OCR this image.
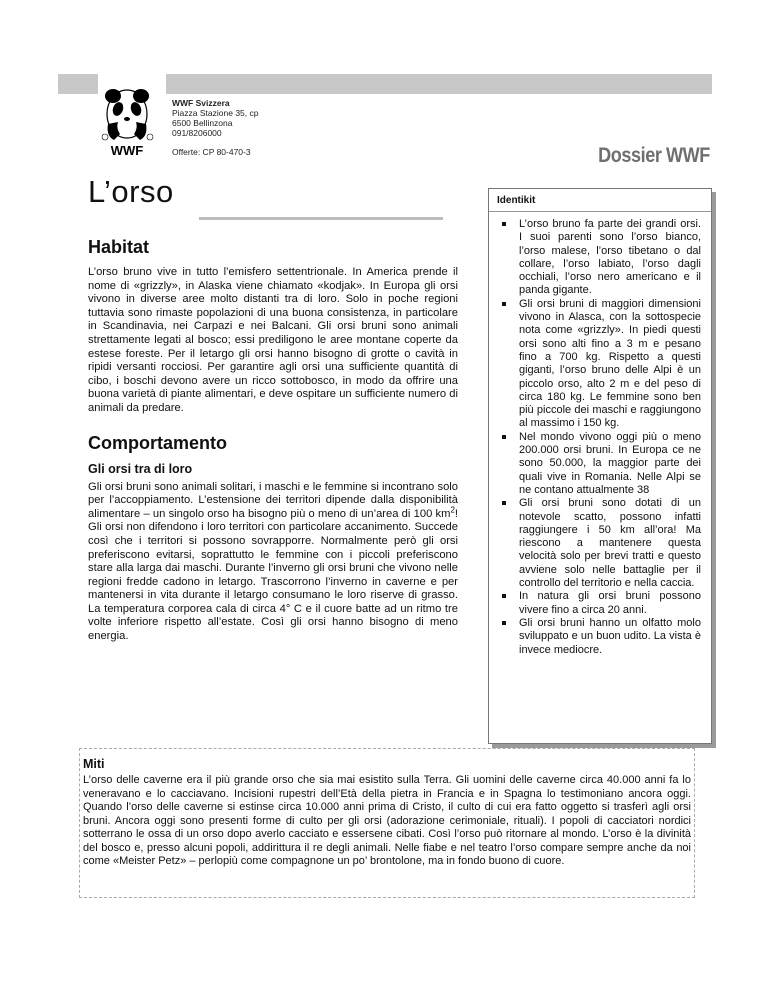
WWF
WWF Svizzera
Piazza Stazione 35, cp
6500 Bellinzona
091/8206000
Offerte: CP 80-470-3	Dossier WWF
L’orso
Habitat

L’orso bruno vive in tutto l’emisfero settentrionale. In America prende il nome di «grizzly», in Alaska viene chiamato «kodjak». In Europa gli orsi vivono in diverse aree molto distanti tra di loro. Solo in poche regioni tuttavia sono rimaste popolazioni di una buona consistenza, in particolare in Scandinavia, nei Carpazi e nei Balcani. Gli orsi bruni sono animali strettamente legati al bosco; essi prediligono le aree montane coperte da estese foreste. Per il letargo gli orsi hanno bisogno di grotte o cavità in ripidi versanti rocciosi. Per garantire agli orsi una sufficiente quantità di cibo, i boschi devono avere un ricco sottobosco, in modo da offrire una buona varietà di piante alimentari, e deve ospitare un sufficiente numero di animali da predare.

Comportamento
Gli orsi tra di loro

Gli orsi bruni sono animali solitari, i maschi e le femmine si incontrano solo per l’accoppiamento. L’estensione dei territori dipende dalla disponibilità alimentare – un singolo orso ha bisogno più o meno di un’area di 100 $km^2$! Gli orsi non difendono i loro territori con particolare accanimento. Succede così che i territori si possono sovrapporre. Normalmente però gli orsi preferiscono evitarsi, soprattutto le femmine con i piccoli preferiscono stare alla larga dai maschi. Durante l’inverno gli orsi bruni che vivono nelle regioni fredde cadono in letargo. Trascorrono l’inverno in caverne e per mantenersi in vita durante il letargo consumano le loro riserve di grasso. La temperatura corporea cala di circa 4° C e il cuore batte ad un ritmo tre volte inferiore rispetto all’estate. Così gli orsi hanno bisogno di meno energia.

Identikit
L’orso bruno fa parte dei grandi orsi. I suoi parenti sono l’orso bianco, l’orso malese, l’orso tibetano o dal collare, l’orso labiato, l’orso dagli occhiali, l’orso nero americano e il panda gigante.
Gli orsi bruni di maggiori dimensioni vivono in Alasca, con la sottospecie nota come «grizzly». In piedi questi orsi sono alti fino a 3 m e pesano fino a 700 kg. Rispetto a questi giganti, l’orso bruno delle Alpi è un piccolo orso, alto 2 m e del peso di circa 180 kg. Le femmine sono ben più piccole dei maschi e raggiungono al massimo i 150 kg.
Nel mondo vivono oggi più o meno 200.000 orsi bruni. In Europa ce ne sono 50.000, la maggior parte dei quali vive in Romania. Nelle Alpi se ne contano attualmente 38
Gli orsi bruni sono dotati di un notevole scatto, possono infatti raggiungere i 50 km all’ora! Ma riescono a mantenere questa velocità solo per brevi tratti e questo avviene solo nelle battaglie per il controllo del territorio e nella caccia.
In natura gli orsi bruni possono vivere fino a circa 20 anni.
Gli orsi bruni hanno un olfatto molo sviluppato e un buon udito. La vista è invece mediocre.
Miti

L’orso delle caverne era il più grande orso che sia mai esistito sulla Terra. Gli uomini delle caverne circa 40.000 anni fa lo veneravano e lo cacciavano. Incisioni rupestri dell’Età della pietra in Francia e in Spagna lo testimoniano ancora oggi. Quando l’orso delle caverne si estinse circa 10.000 anni prima di Cristo, il culto di cui era fatto oggetto si trasferì agli orsi bruni. Ancora oggi sono presenti forme di culto per gli orsi (adorazione cerimoniale, rituali). I popoli di cacciatori nordici sotterrano le ossa di un orso dopo averlo cacciato e essersene cibati. Così l’orso può ritornare al mondo. L’orso è la divinità del bosco e, presso alcuni popoli, addirittura il re degli animali. Nelle fiabe e nel teatro l’orso compare sempre anche da noi come «Meister Petz» – perlopiù come compagnone un po’ brontolone, ma in fondo buono di cuore.
